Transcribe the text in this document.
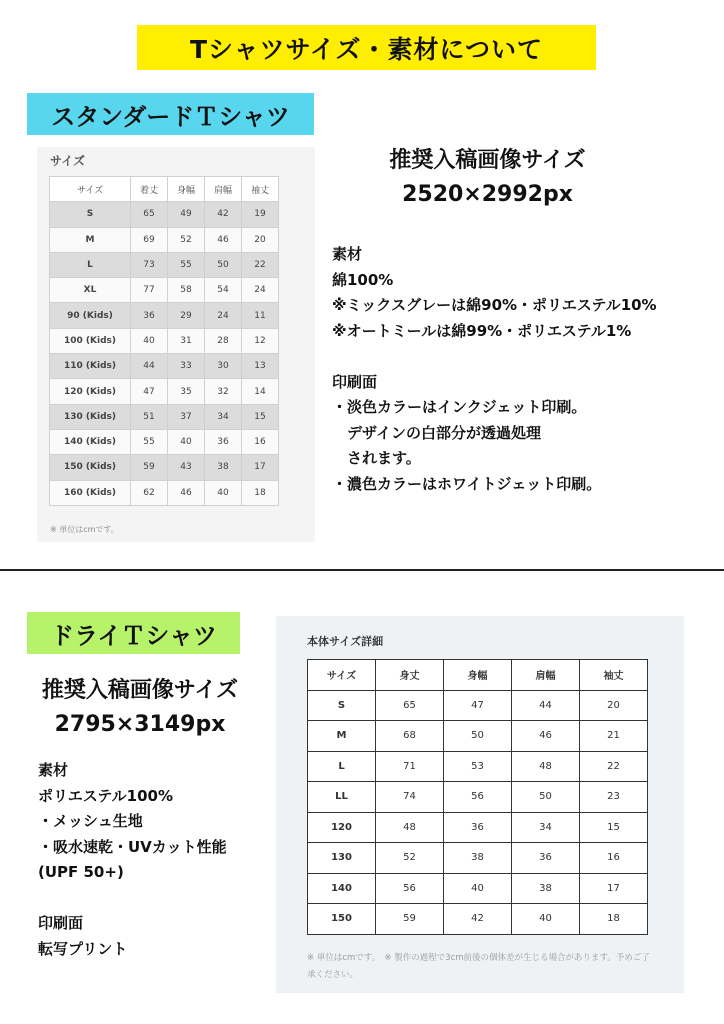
Tシャツサイズ・素材について
スタンダードＴシャツ
サイズ
サイズ	着丈	身幅	肩幅	袖丈
S	65	49	42	19
M	69	52	46	20
L	73	55	50	22
XL	77	58	54	24
90 (Kids)	36	29	24	11
100 (Kids)	40	31	28	12
110 (Kids)	44	33	30	13
120 (Kids)	47	35	32	14
130 (Kids)	51	37	34	15
140 (Kids)	55	40	36	16
150 (Kids)	59	43	38	17
160 (Kids)	62	46	40	18
※ 単位はcmです。
推奨入稿画像サイズ
2520×2992px
素材
綿100%
※ミックスグレーは綿90%・ポリエステル10%
※オートミールは綿99%・ポリエステル1%

印刷面
・淡色カラーはインクジェット印刷。
　デザインの白部分が透過処理
　されます。
・濃色カラーはホワイトジェット印刷。
ドライＴシャツ
推奨入稿画像サイズ
2795×3149px
素材
ポリエステル100%
・メッシュ生地
・吸水速乾・UVカット性能
(UPF 50+)

印刷面
転写プリント
本体サイズ詳細
サイズ	身丈	身幅	肩幅	袖丈
S	65	47	44	20
M	68	50	46	21
L	71	53	48	22
LL	74	56	50	23
120	48	36	34	15
130	52	38	36	16
140	56	40	38	17
150	59	42	40	18
※ 単位はcmです。　※ 製作の過程で3cm前後の個体差が生じる場合があります。予めご了承ください。
